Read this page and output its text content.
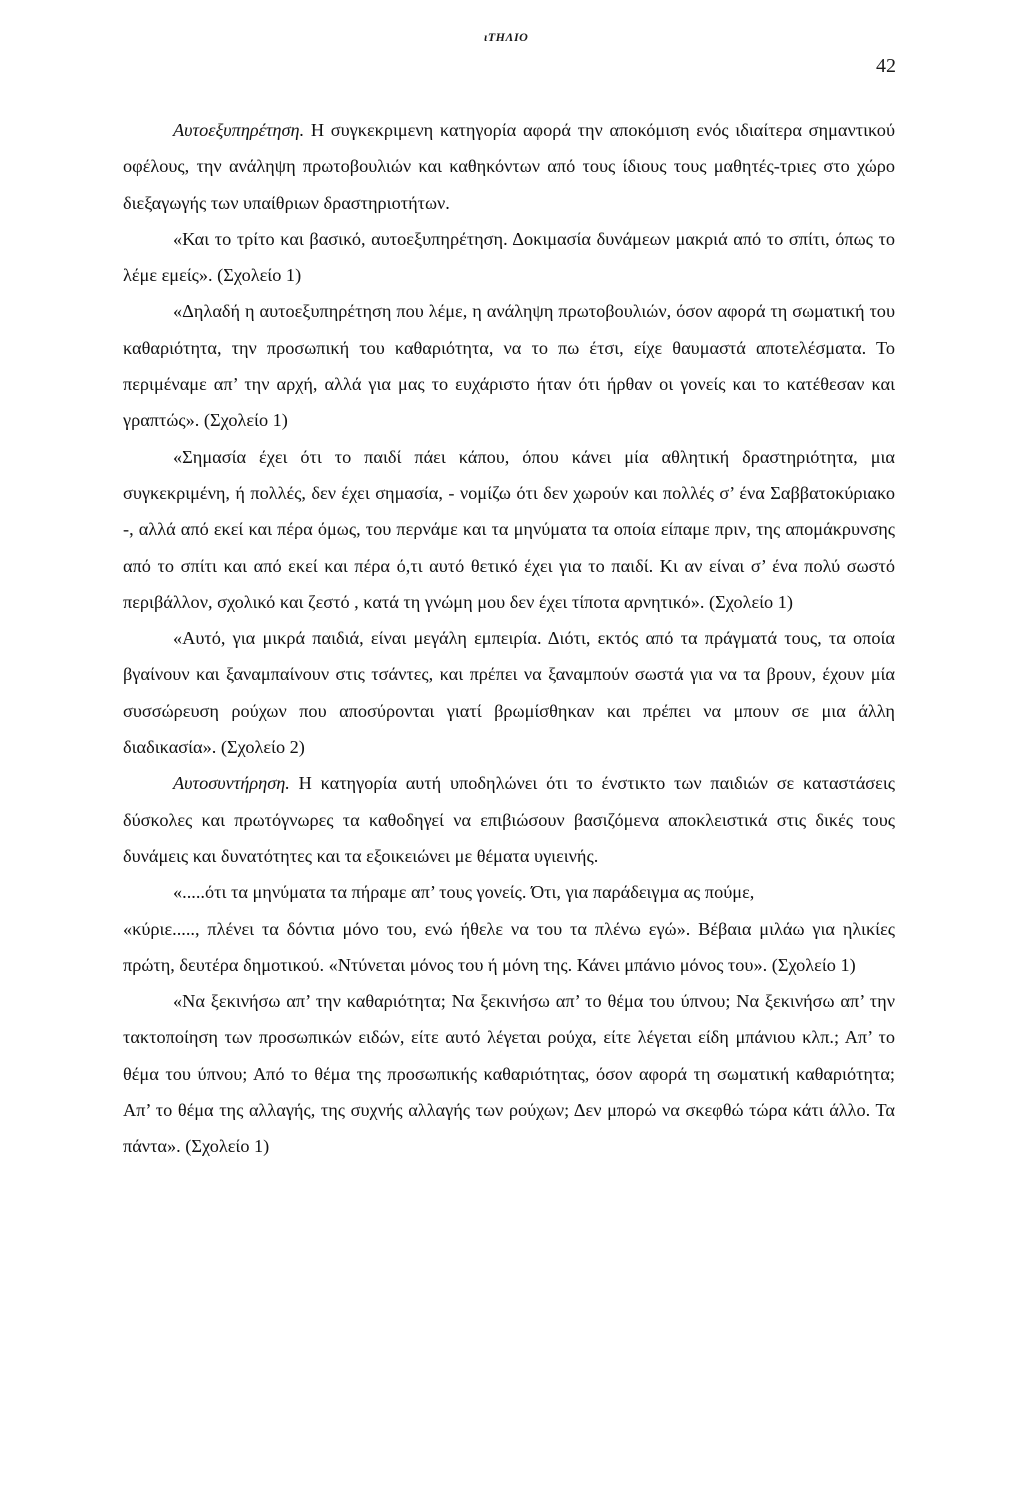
ιΤΗΛΙΟ
42

Αυτοεξυπηρέτηση. Η συγκεκριμενη κατηγορία αφορά την αποκόμιση ενός ιδιαίτερα σημαντικού οφέλους, την ανάληψη πρωτοβουλιών και καθηκόντων από τους ίδιους τους μαθητές-τριες στο χώρο διεξαγωγής των υπαίθριων δραστηριοτήτων.

«Και το τρίτο και βασικό, αυτοεξυπηρέτηση. Δοκιμασία δυνάμεων μακριά από το σπίτι, όπως το λέμε εμείς». (Σχολείο 1)

«Δηλαδή η αυτοεξυπηρέτηση που λέμε, η ανάληψη πρωτοβουλιών, όσον αφορά τη σωματική του καθαριότητα, την προσωπική του καθαριότητα, να το πω έτσι, είχε θαυμαστά αποτελέσματα. Το περιμέναμε απ’ την αρχή, αλλά για μας το ευχάριστο ήταν ότι ήρθαν οι γονείς και το κατέθεσαν και γραπτώς». (Σχολείο 1)

«Σημασία έχει ότι το παιδί πάει κάπου, όπου κάνει μία αθλητική δραστηριότητα, μια συγκεκριμένη, ή πολλές, δεν έχει σημασία, - νομίζω ότι δεν χωρούν και πολλές σ’ ένα Σαββατοκύριακο -, αλλά από εκεί και πέρα όμως, του περνάμε και τα μηνύματα τα οποία είπαμε πριν, της απομάκρυνσης από το σπίτι και από εκεί και πέρα ό,τι αυτό θετικό έχει για το παιδί. Κι αν είναι σ’ ένα πολύ σωστό περιβάλλον, σχολικό και ζεστό , κατά τη γνώμη μου δεν έχει τίποτα αρνητικό». (Σχολείο 1)

«Αυτό, για μικρά παιδιά, είναι μεγάλη εμπειρία. Διότι, εκτός από τα πράγματά τους, τα οποία βγαίνουν και ξαναμπαίνουν στις τσάντες, και πρέπει να ξαναμπούν σωστά για να τα βρουν, έχουν μία συσσώρευση ρούχων που αποσύρονται γιατί βρωμίσθηκαν και πρέπει να μπουν σε μια άλλη διαδικασία». (Σχολείο 2)

Αυτοσυντήρηση. Η κατηγορία αυτή υποδηλώνει ότι το ένστικτο των παιδιών σε καταστάσεις δύσκολες και πρωτόγνωρες τα καθοδηγεί να επιβιώσουν βασιζόμενα αποκλειστικά στις δικές τους δυνάμεις και δυνατότητες και τα εξοικειώνει με θέματα υγιεινής.

«.....ότι τα μηνύματα τα πήραμε απ’ τους γονείς. Ότι, για παράδειγμα ας πούμε,

«κύριε....., πλένει τα δόντια μόνο του, ενώ ήθελε να του τα πλένω εγώ». Βέβαια μιλάω για ηλικίες πρώτη, δευτέρα δημοτικού. «Ντύνεται μόνος του ή μόνη της. Κάνει μπάνιο μόνος του». (Σχολείο 1)

«Να ξεκινήσω απ’ την καθαριότητα; Να ξεκινήσω απ’ το θέμα του ύπνου; Να ξεκινήσω απ’ την τακτοποίηση των προσωπικών ειδών, είτε αυτό λέγεται ρούχα, είτε λέγεται είδη μπάνιου κλπ.; Απ’ το θέμα του ύπνου; Από το θέμα της προσωπικής καθαριότητας, όσον αφορά τη σωματική καθαριότητα; Απ’ το θέμα της αλλαγής, της συχνής αλλαγής των ρούχων; Δεν μπορώ να σκεφθώ τώρα κάτι άλλο. Τα πάντα». (Σχολείο 1)
